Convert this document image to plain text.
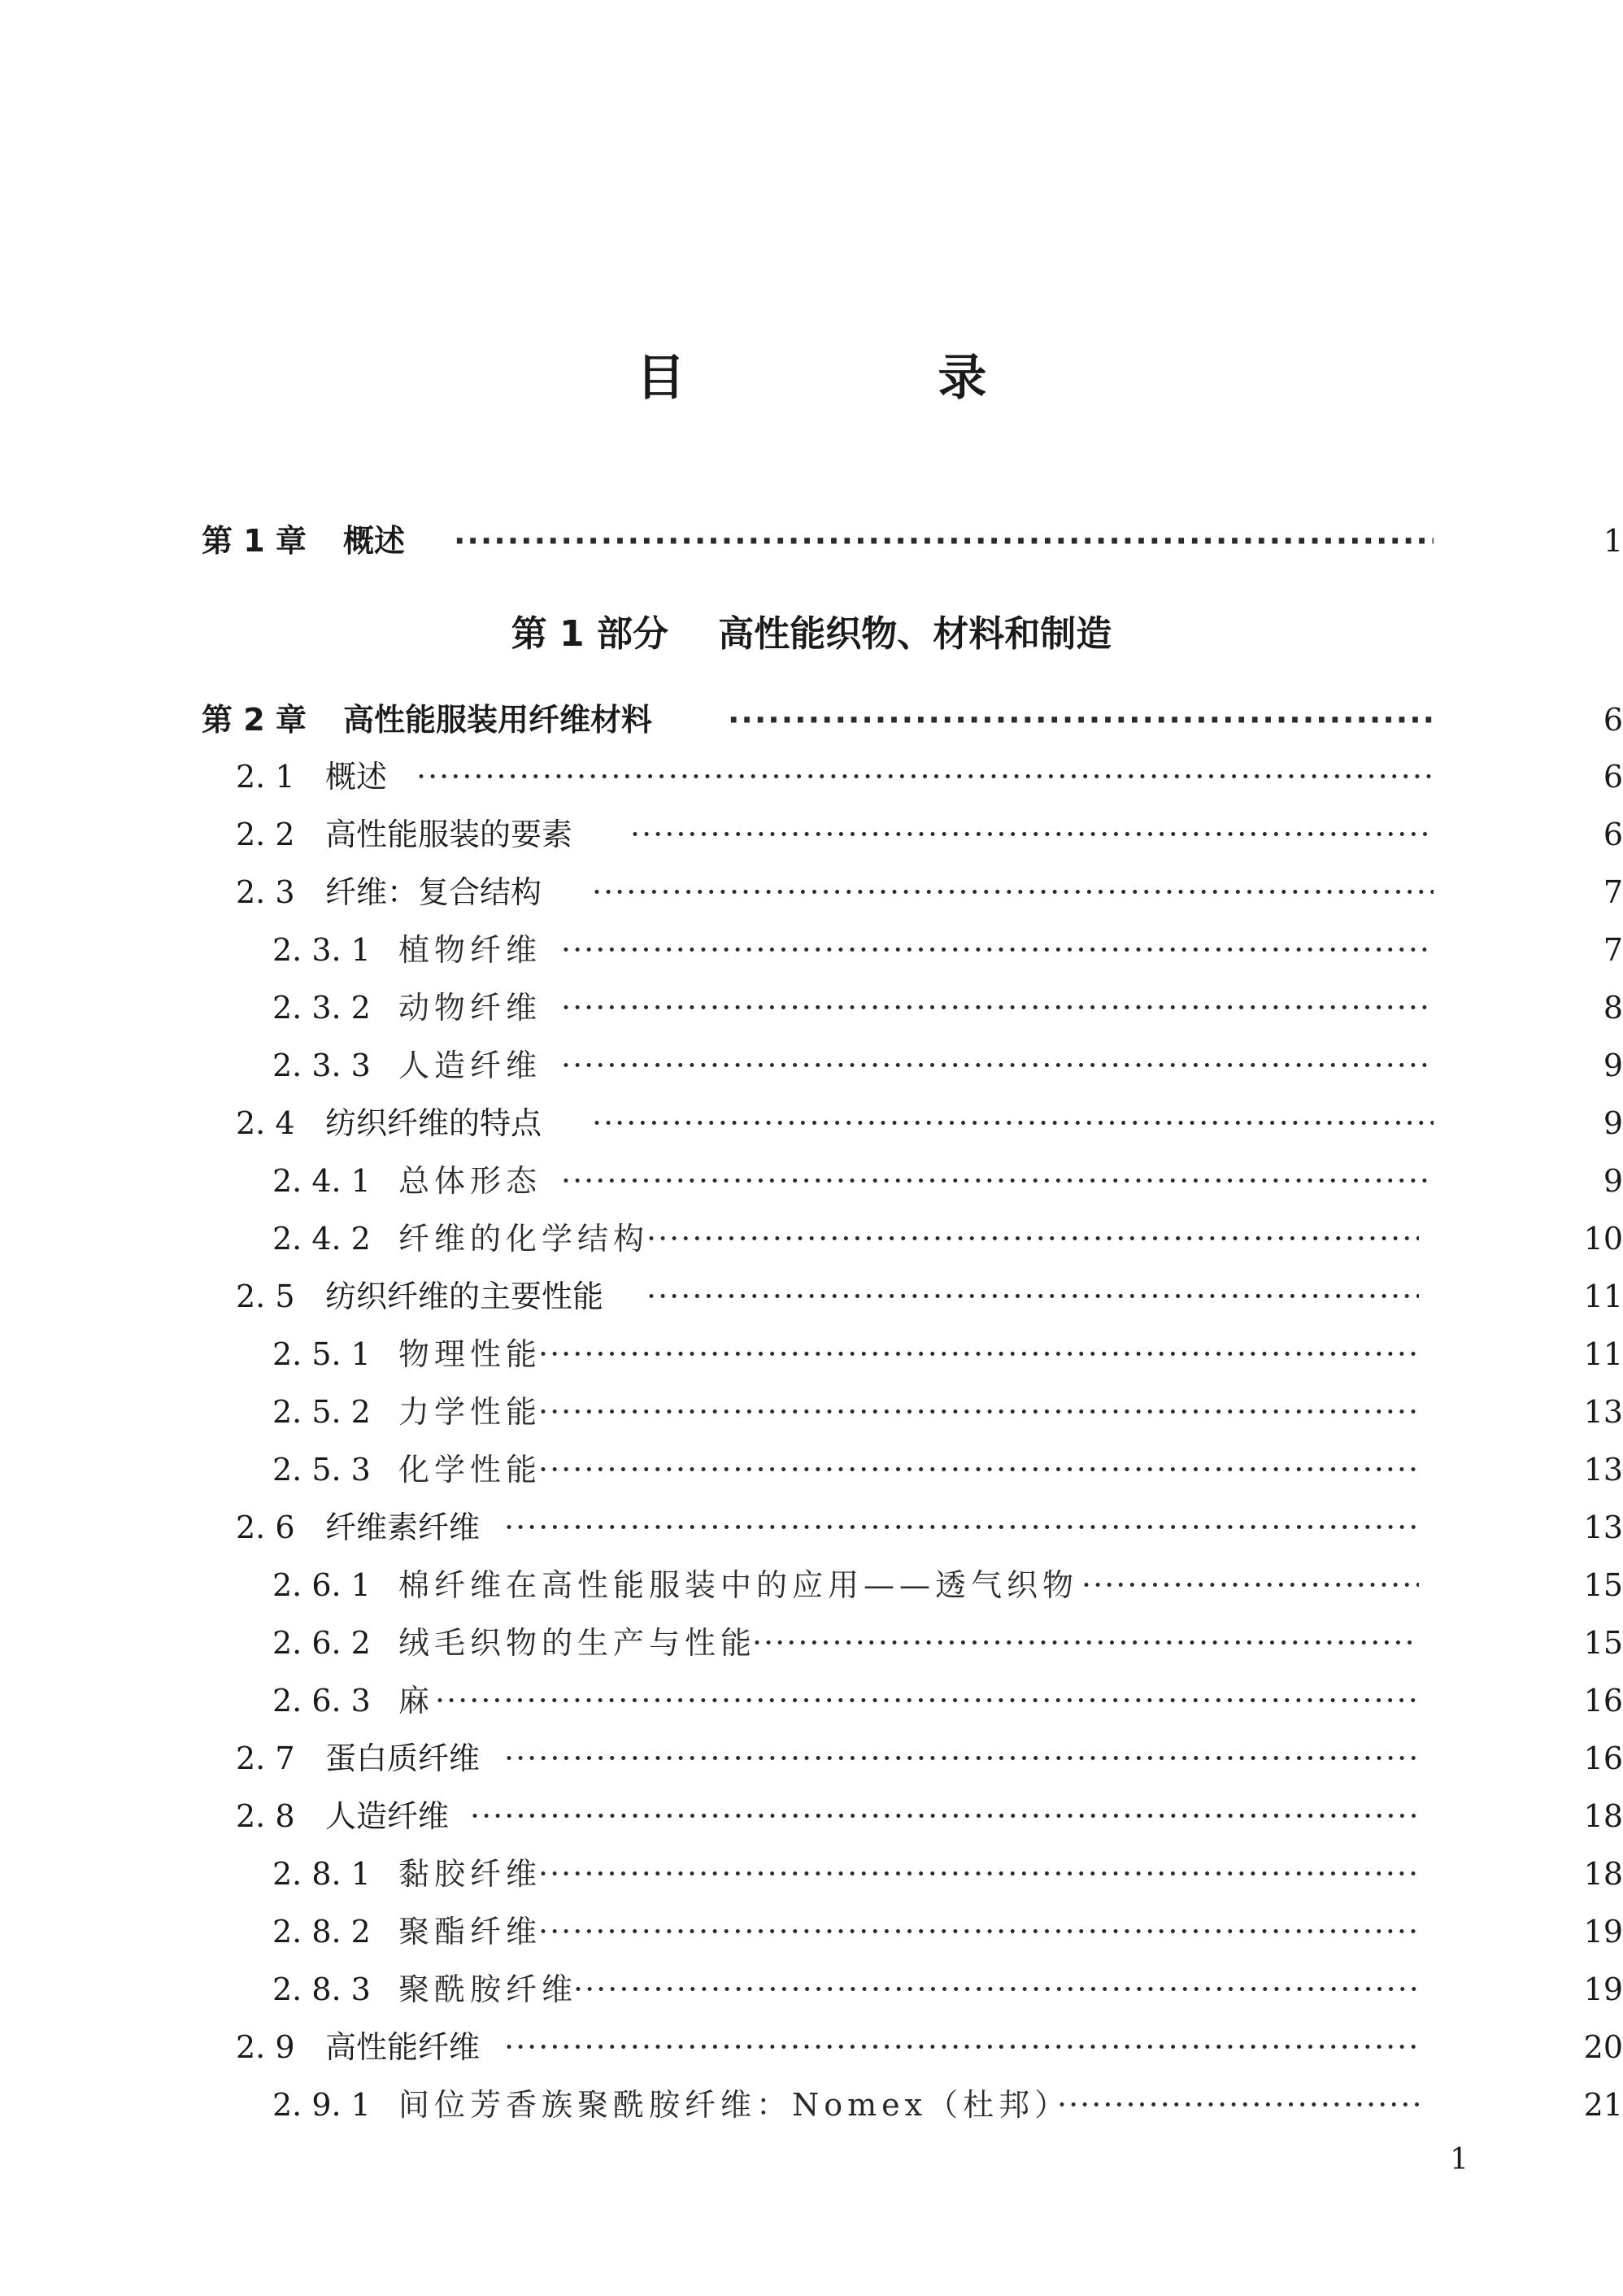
目 录
第 1 章 概述 ·····	1
第 1 部分    高性能织物、材料和制造
第 2 章 高性能服装用纤维材料 ·····	6
2. 1 概述 ·····	6
2. 2 高性能服装的要素 ·····	6
2. 3 纤维：复合结构 ·····	7
2. 3. 1 植物纤维 ·····	7
2. 3. 2 动物纤维 ·····	8
2. 3. 3 人造纤维 ·····	9
2. 4 纺织纤维的特点 ·····	9
2. 4. 1 总体形态 ·····	9
2. 4. 2 纤维的化学结构 ·····	10
2. 5 纺织纤维的主要性能 ·····	11
2. 5. 1 物理性能 ·····	11
2. 5. 2 力学性能 ·····	13
2. 5. 3 化学性能 ·····	13
2. 6 纤维素纤维 ·····	13
2. 6. 1 棉纤维在高性能服装中的应用——透气织物 ·····	15
2. 6. 2 绒毛织物的生产与性能 ·····	15
2. 6. 3 麻 ·····	16
2. 7 蛋白质纤维 ·····	16
2. 8 人造纤维 ·····	18
2. 8. 1 黏胶纤维 ·····	18
2. 8. 2 聚酯纤维 ·····	19
2. 8. 3 聚酰胺纤维 ·····	19
2. 9 高性能纤维 ·····	20
2. 9. 1 间位芳香族聚酰胺纤维：Nomex（杜邦） ·····	21
1
